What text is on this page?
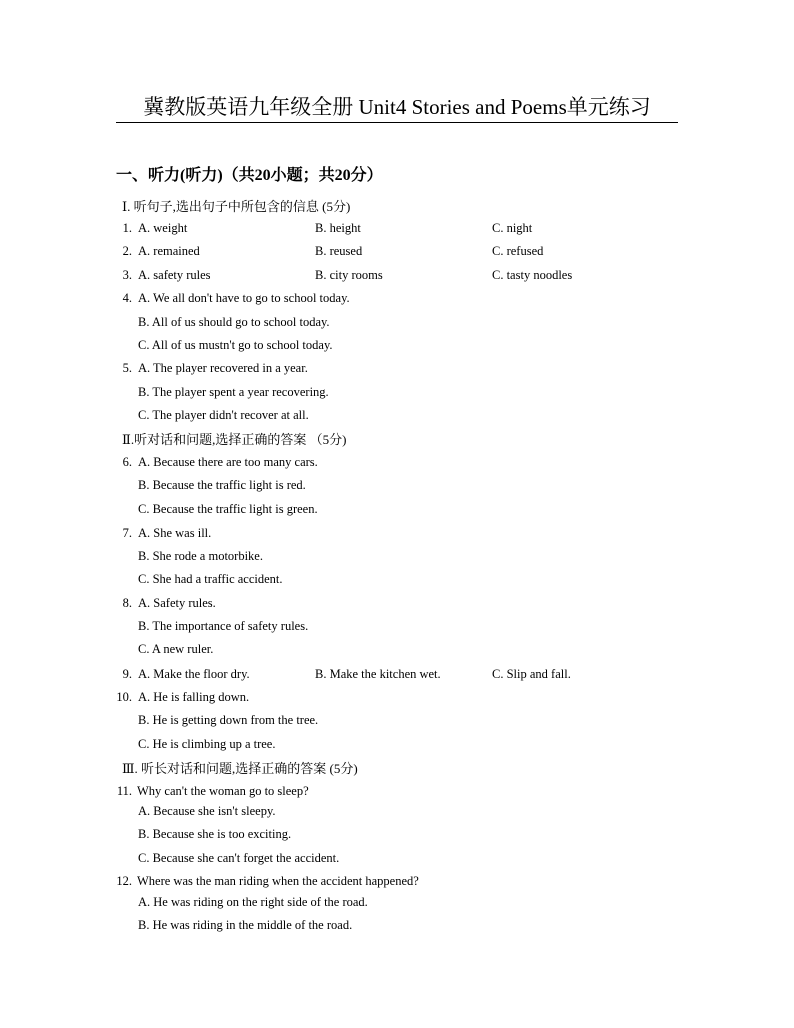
冀教版英语九年级全册 Unit4 Stories and Poems单元练习
一、听力(听力)（共20小题；共20分）
Ⅰ. 听句子,选出句子中所包含的信息 (5分)
1. A. weight	B. height	C. night
2. A. remained	B. reused	C. refused
3. A. safety rules	B. city rooms	C. tasty noodles
4. A. We all don't have to go to school today.
B. All of us should go to school today.
C. All of us mustn't go to school today.
5. A. The player recovered in a year.
B. The player spent a year recovering.
C. The player didn't recover at all.
Ⅱ.听对话和问题,选择正确的答案 （5分)
6. A. Because there are too many cars.
B. Because the traffic light is red.
C. Because the traffic light is green.
7. A. She was ill.
B. She rode a motorbike.
C. She had a traffic accident.
8. A. Safety rules.
B. The importance of safety rules.
C. A new ruler.
9. A. Make the floor dry.	B. Make the kitchen wet.	C. Slip and fall.
10. A. He is falling down.
B. He is getting down from the tree.
C. He is climbing up a tree.
Ⅲ. 听长对话和问题,选择正确的答案 (5分)
11. Why can't the woman go to sleep?
A. Because she isn't sleepy.
B. Because she is too exciting.
C. Because she can't forget the accident.
12. Where was the man riding when the accident happened?
A. He was riding on the right side of the road.
B. He was riding in the middle of the road.
